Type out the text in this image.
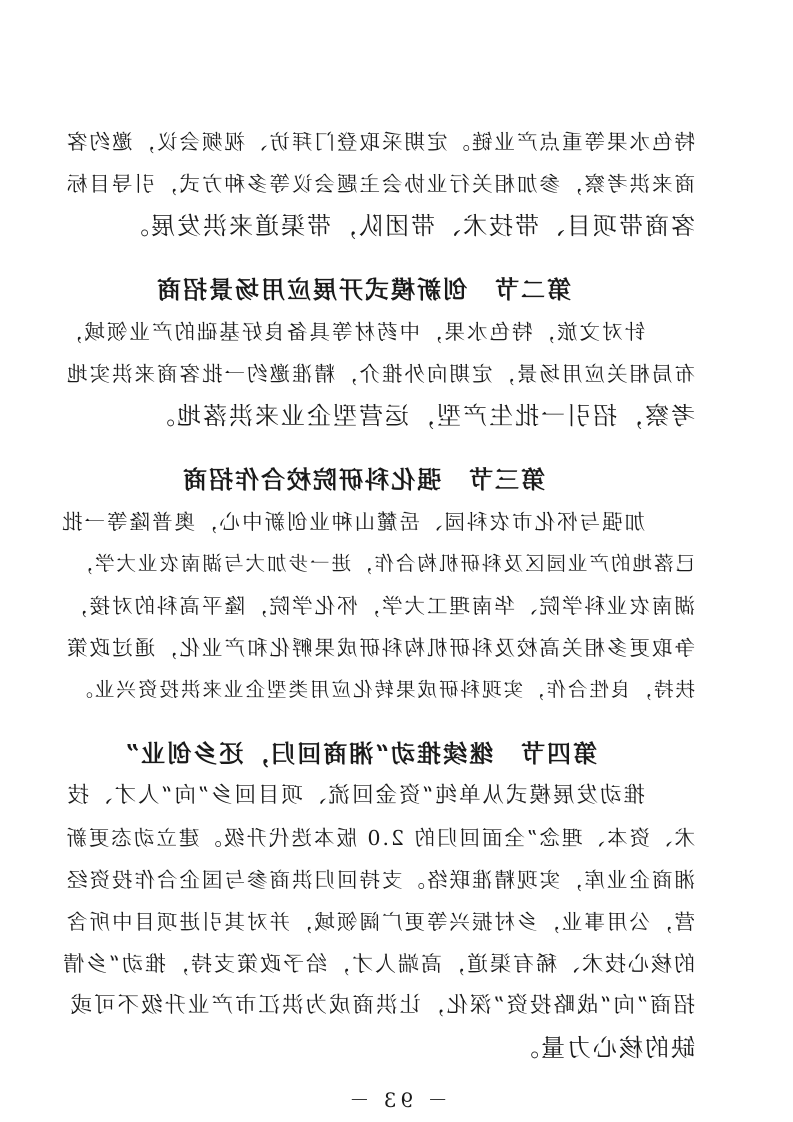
特色水果等重点产业链。定期采取登门拜访、视频会议，邀约客
商来洪考察，参加相关行业协会主题会议等多种方式，引导目标
客商带项目、带技术、带团队，带渠道来洪发展。
第二节创新模式开展应用场景招商
针对文旅，特色水果，中药材等具备良好基础的产业领域，
布局相关应用场景，定期向外推介，精准邀约一批客商来洪实地
考察，招引一批生产型，运营型企业来洪落地。
第三节强化科研院校合作招商
加强与怀化市农科园、岳麓山种业创新中心，奥普隆等一批
已落地的产业园区及科研机构合作，进一步加大与湖南农业大学，
湖南农业科学院、华南理工大学，怀化学院，隆平高科的对接，
争取更多相关高校及科研机构科研成果孵化和产业化，通过政策
扶持，良性合作，实现科研成果转化应用类型企业来洪投资兴业。
第四节继续推动“湘商回归，还乡创业”
推动发展模式从单纯“资金回流、项目回乡”向“人才、技
术、资本、理念”全面回归的 2.0 版本迭代升级。建立动态更新
湘商企业库，实现精准联络。支持回归洪商参与国企合作投资经
营，公用事业，乡村振兴等更广阔领域，并对其引进项目中所含
的核心技术、稀有渠道，高端人才，给予政策支持，推动“乡情
招商”向“战略投资”深化，让洪商成为洪江市产业升级不可或
缺的核心力量。
－ 93 －
